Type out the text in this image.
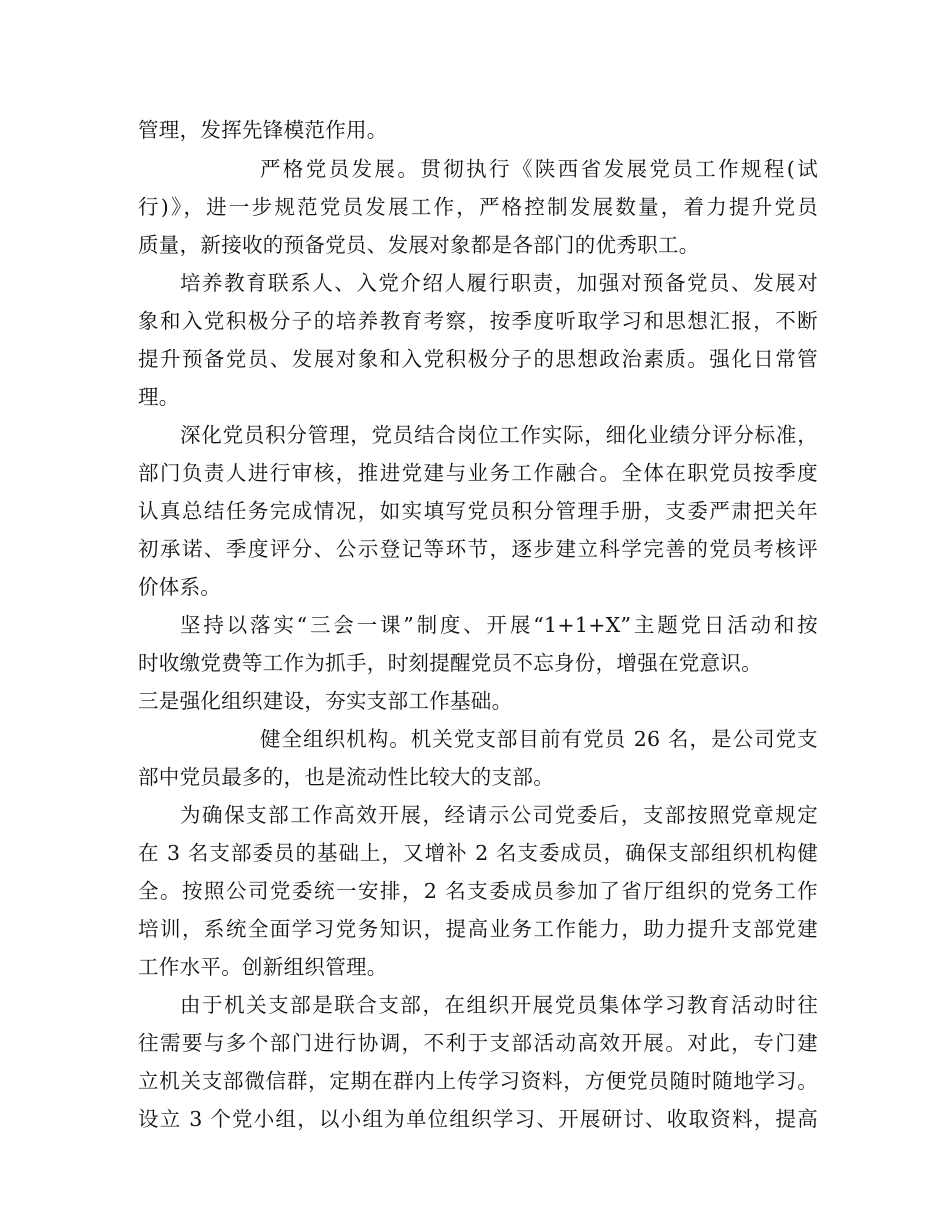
管理，发挥先锋模范作用。
严格党员发展。贯彻执行《陕西省发展党员工作规程(试
行)》，进一步规范党员发展工作，严格控制发展数量，着力提升党员
质量，新接收的预备党员、发展对象都是各部门的优秀职工。
培养教育联系人、入党介绍人履行职责，加强对预备党员、发展对
象和入党积极分子的培养教育考察，按季度听取学习和思想汇报，不断
提升预备党员、发展对象和入党积极分子的思想政治素质。强化日常管
理。
深化党员积分管理，党员结合岗位工作实际，细化业绩分评分标准，
部门负责人进行审核，推进党建与业务工作融合。全体在职党员按季度
认真总结任务完成情况，如实填写党员积分管理手册，支委严肃把关年
初承诺、季度评分、公示登记等环节，逐步建立科学完善的党员考核评
价体系。
坚持以落实“三会一课”制度、开展“1+1+X”主题党日活动和按
时收缴党费等工作为抓手，时刻提醒党员不忘身份，增强在党意识。
三是强化组织建设，夯实支部工作基础。
健全组织机构。机关党支部目前有党员 26 名，是公司党支
部中党员最多的，也是流动性比较大的支部。
为确保支部工作高效开展，经请示公司党委后，支部按照党章规定
在 3 名支部委员的基础上，又增补 2 名支委成员，确保支部组织机构健
全。按照公司党委统一安排，2 名支委成员参加了省厅组织的党务工作
培训，系统全面学习党务知识，提高业务工作能力，助力提升支部党建
工作水平。创新组织管理。
由于机关支部是联合支部，在组织开展党员集体学习教育活动时往
往需要与多个部门进行协调，不利于支部活动高效开展。对此，专门建
立机关支部微信群，定期在群内上传学习资料，方便党员随时随地学习。
设立 3 个党小组，以小组为单位组织学习、开展研讨、收取资料，提高
